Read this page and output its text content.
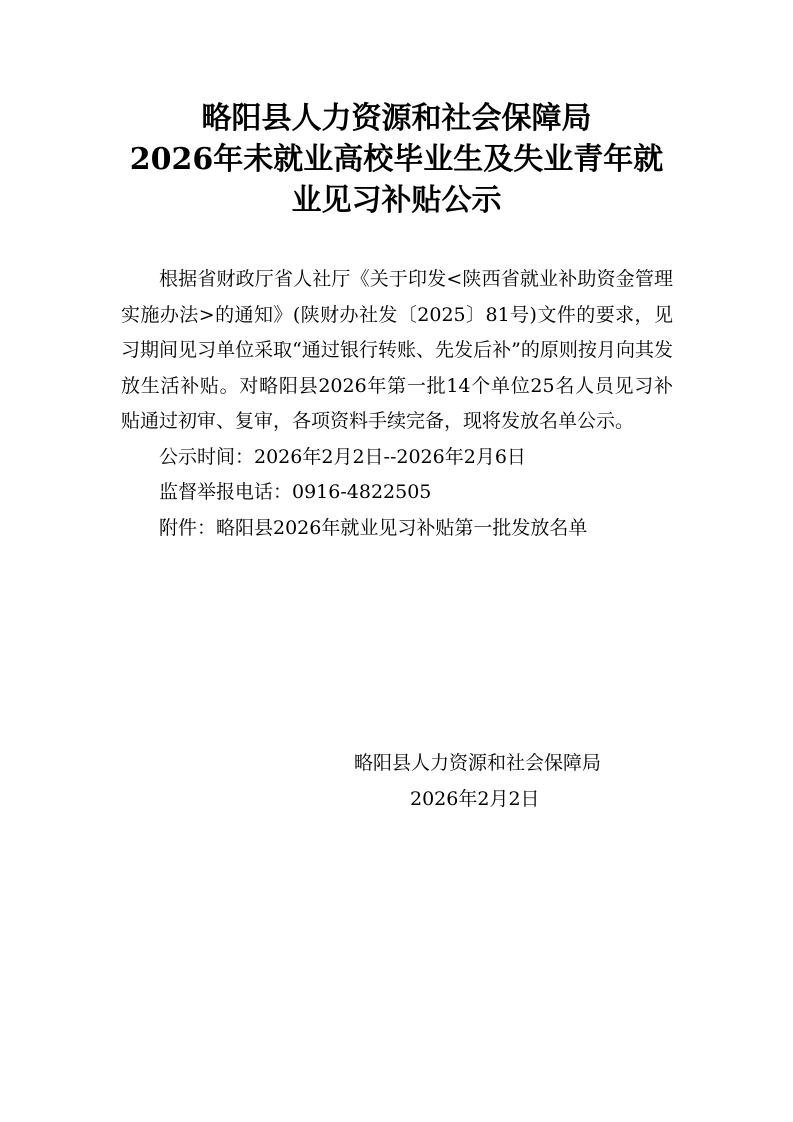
略阳县人力资源和社会保障局
2026年未就业高校毕业生及失业青年就
业见习补贴公示

根据省财政厅省人社厅《关于印发<陕西省就业补助资金管理实施办法>的通知》(陕财办社发〔2025〕81号)文件的要求，见习期间见习单位采取“通过银行转账、先发后补”的原则按月向其发放生活补贴。对略阳县2026年第一批14个单位25名人员见习补贴通过初审、复审，各项资料手续完备，现将发放名单公示。

公示时间：2026年2月2日--2026年2月6日

监督举报电话：0916-4822505

附件：略阳县2026年就业见习补贴第一批发放名单

略阳县人力资源和社会保障局
2026年2月2日
